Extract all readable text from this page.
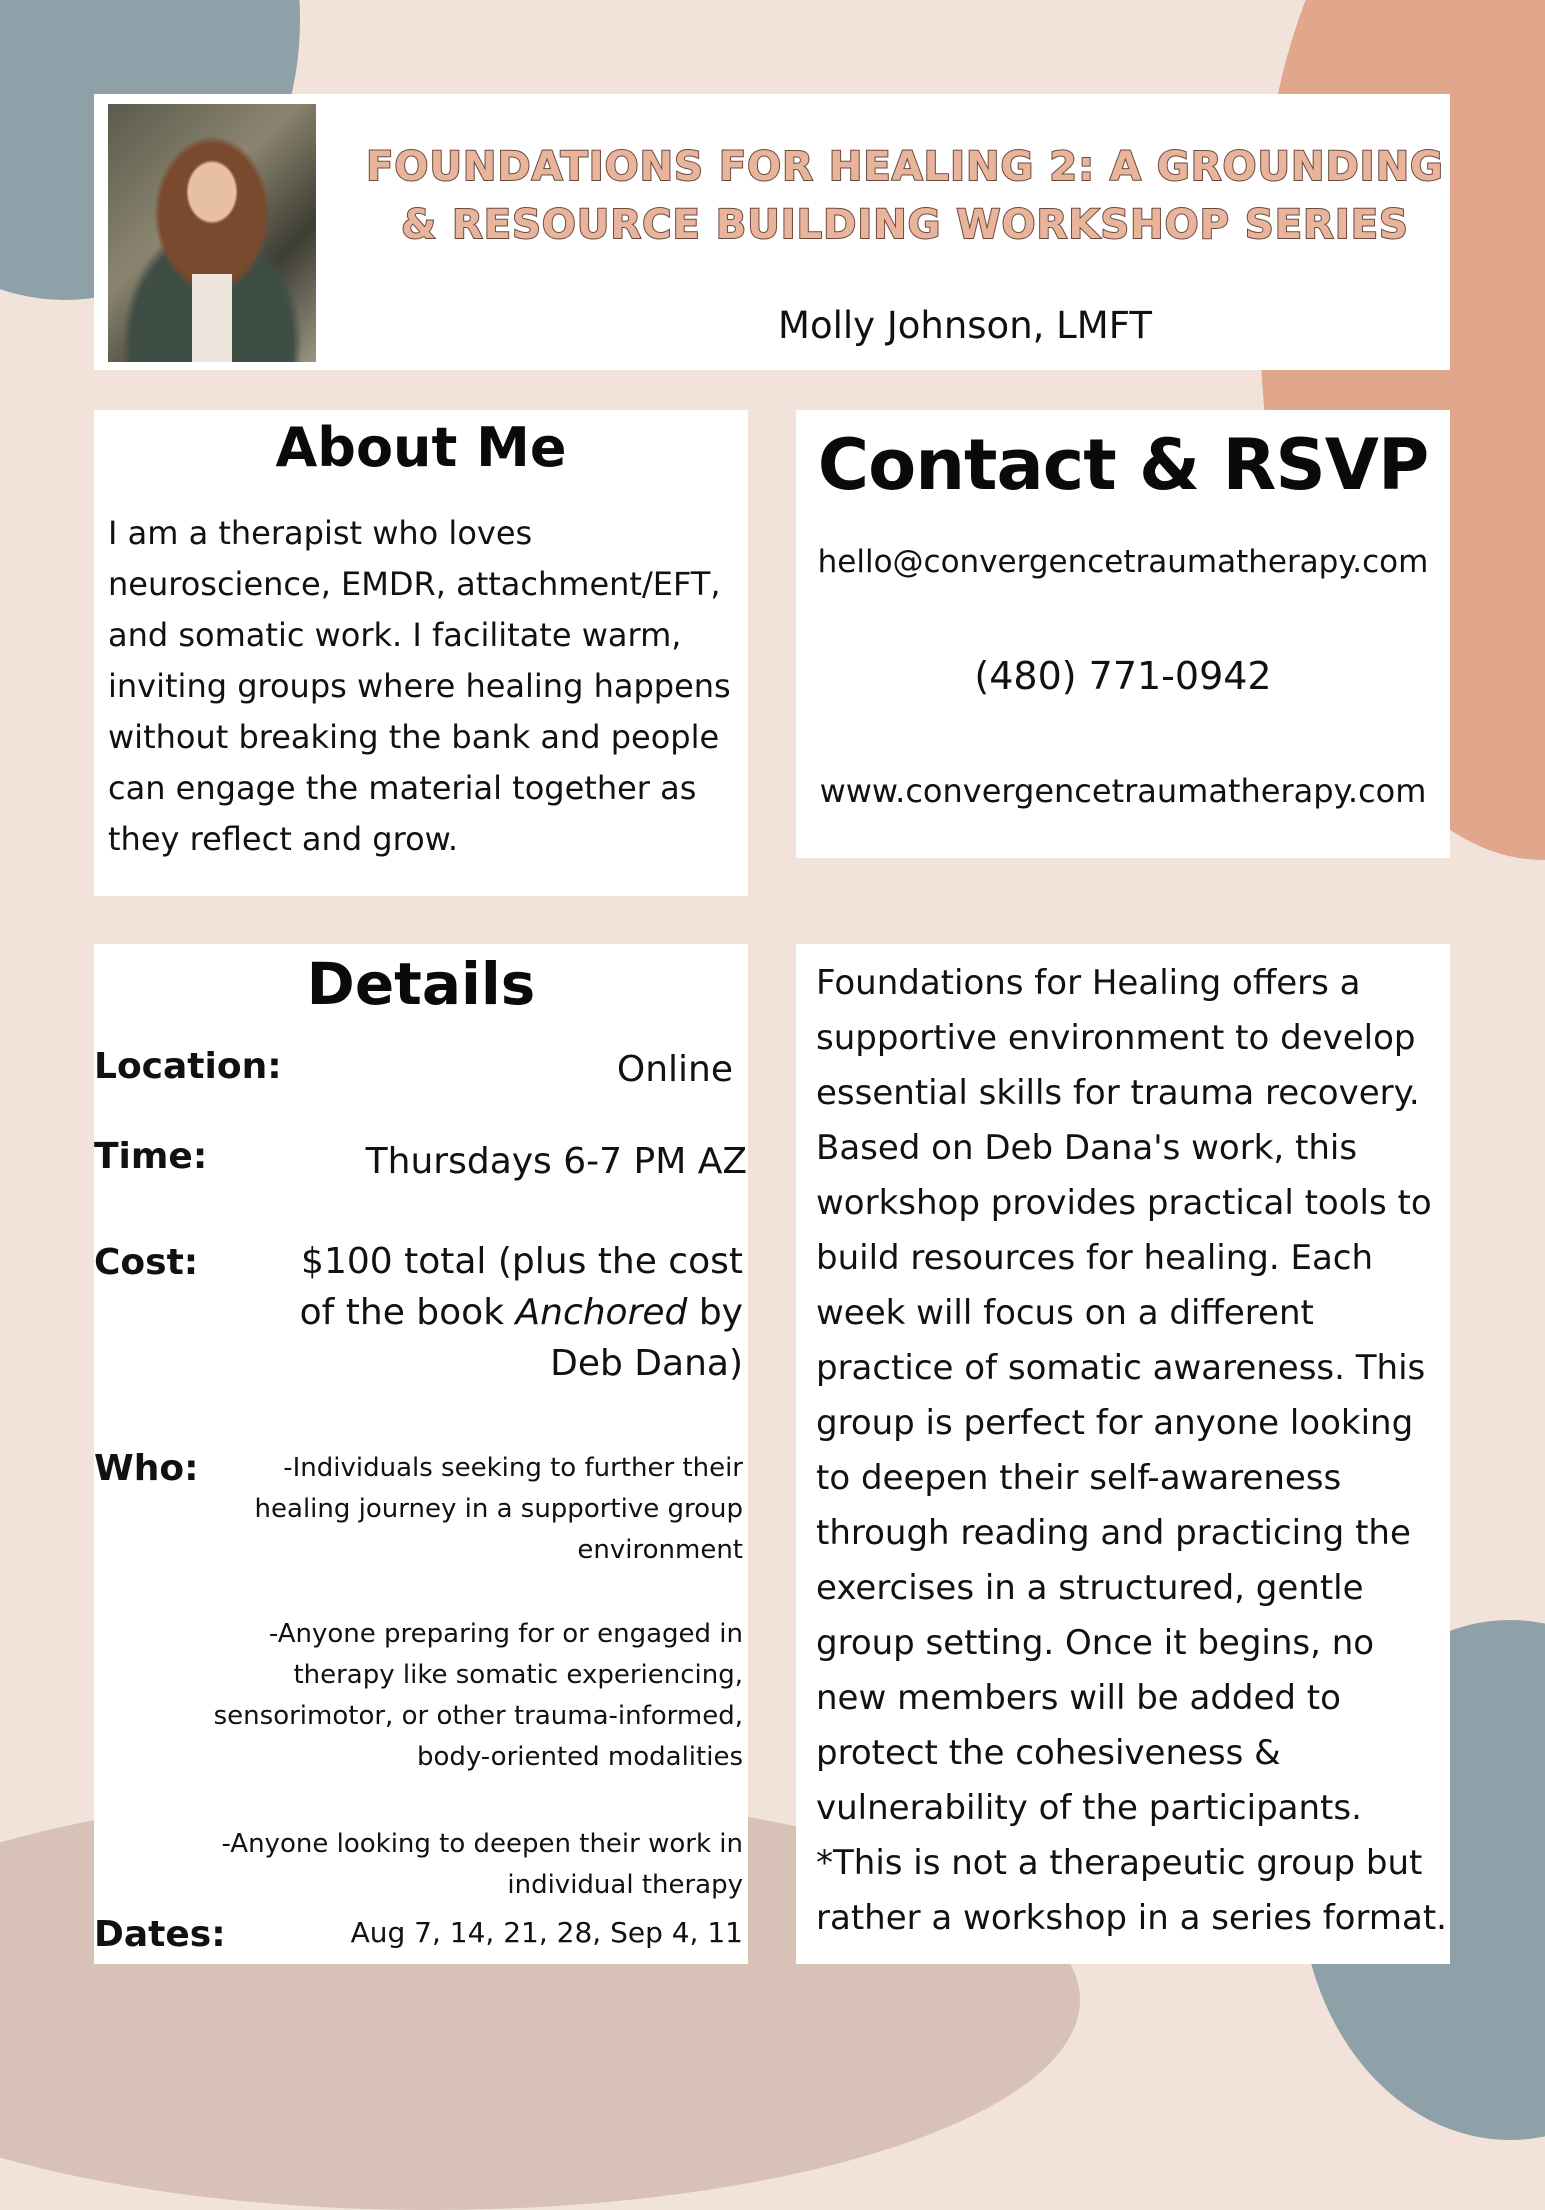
FOUNDATIONS FOR HEALING 2: A GROUNDING
& RESOURCE BUILDING WORKSHOP SERIES
Molly Johnson, LMFT
About Me
I am a therapist who loves
neuroscience, EMDR, attachment/EFT,
and somatic work. I facilitate warm,
inviting groups where healing happens
without breaking the bank and people
can engage the material together as
they reflect and grow.
Contact & RSVP
hello@convergencetraumatherapy.com
(480) 771-0942
www.convergencetraumatherapy.com
Details
Location:	Online
Time:	Thursdays 6-7 PM AZ
Cost:	$100 total (plus the cost
of the book Anchored by
Deb Dana)
Who:	-Individuals seeking to further their
healing journey in a supportive group
environment
-Anyone preparing for or engaged in
therapy like somatic experiencing,
sensorimotor, or other trauma-informed,
body-oriented modalities
-Anyone looking to deepen their work in
individual therapy
Dates:	Aug 7, 14, 21, 28, Sep 4, 11
Foundations for Healing offers a
supportive environment to develop
essential skills for trauma recovery.
Based on Deb Dana's work, this
workshop provides practical tools to
build resources for healing. Each
week will focus on a different
practice of somatic awareness. This
group is perfect for anyone looking
to deepen their self-awareness
through reading and practicing the
exercises in a structured, gentle
group setting. Once it begins, no
new members will be added to
protect the cohesiveness &
vulnerability of the participants.
*This is not a therapeutic group but
rather a workshop in a series format.
